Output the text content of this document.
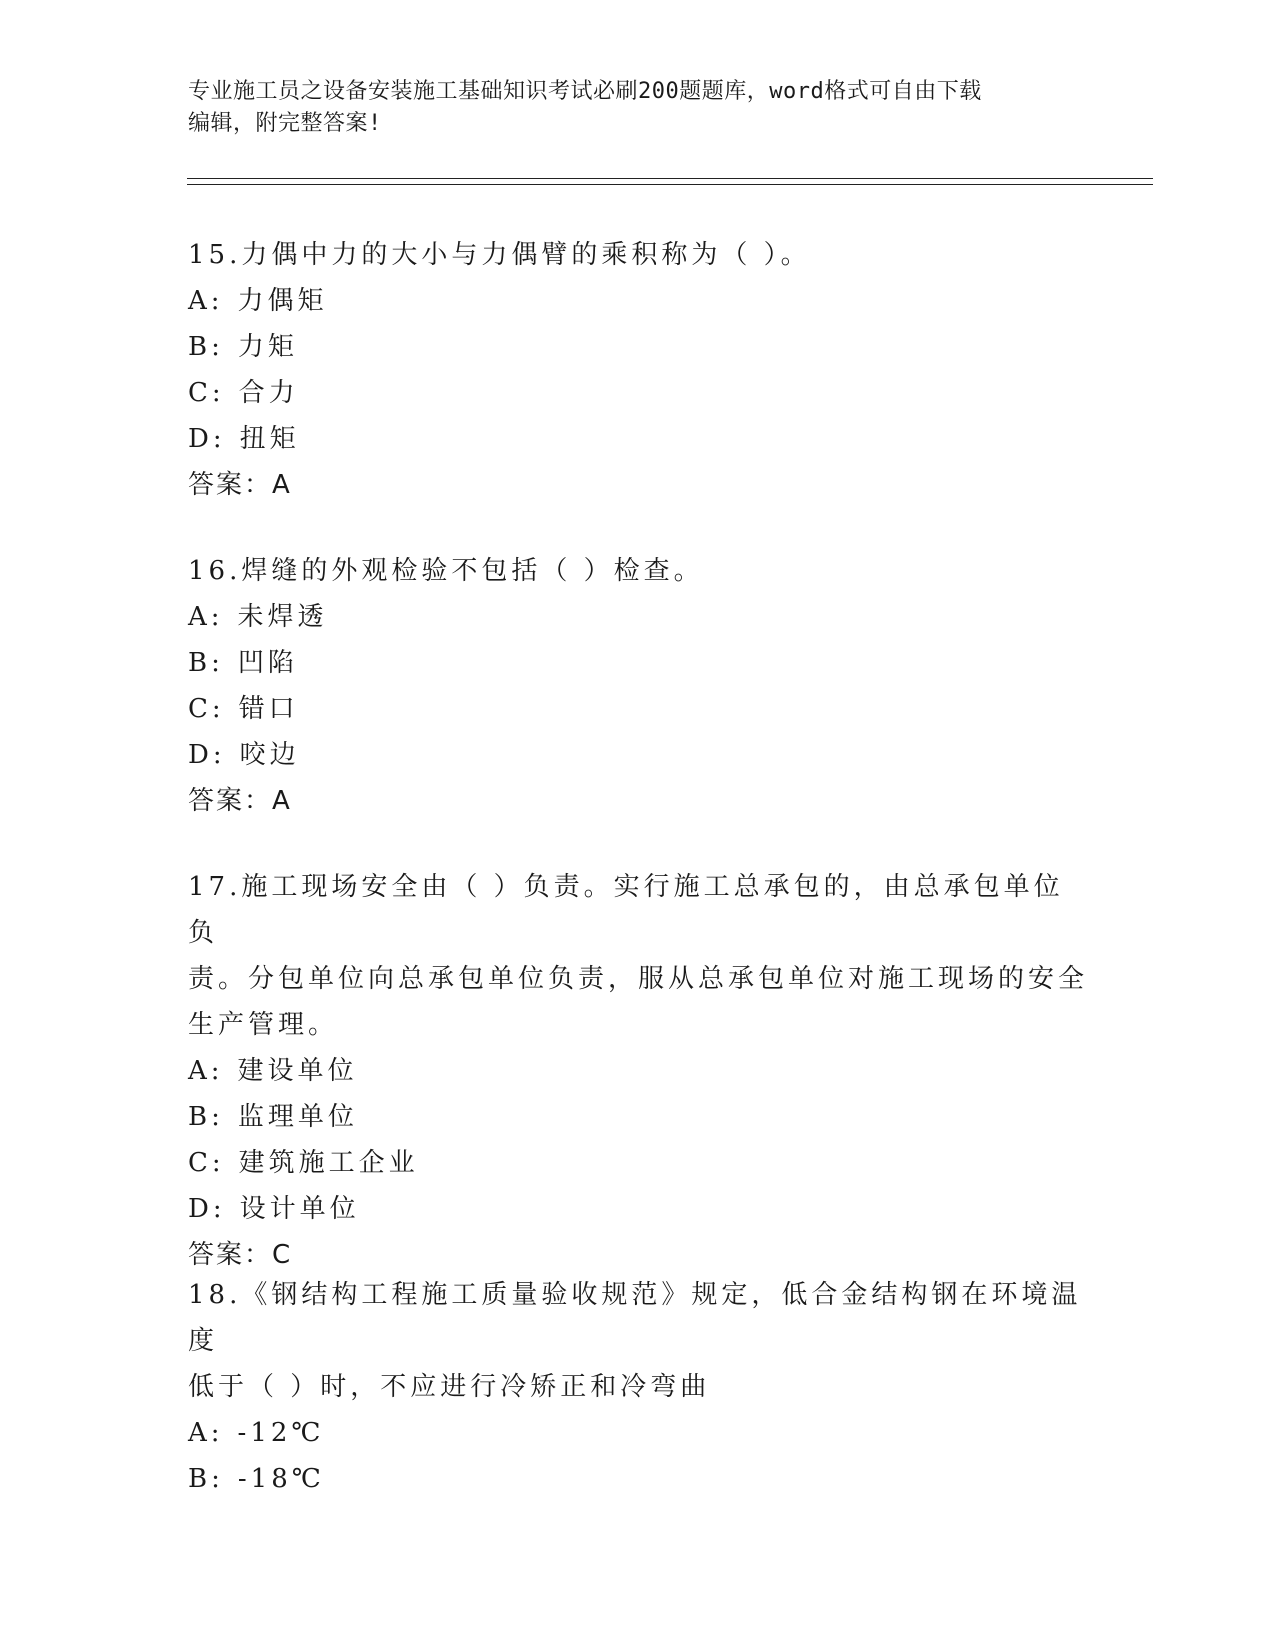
专业施工员之设备安装施工基础知识考试必刷200题题库，word格式可自由下载
编辑，附完整答案!

15.力偶中力的大小与力偶臂的乘积称为（ ）。

A: 力偶矩

B: 力矩

C: 合力

D: 扭矩

答案：A

16.焊缝的外观检验不包括（ ）检查。

A: 未焊透

B: 凹陷

C: 错口

D: 咬边

答案：A

17.施工现场安全由（ ）负责。实行施工总承包的，由总承包单位负

责。分包单位向总承包单位负责，服从总承包单位对施工现场的安全

生产管理。

A: 建设单位

B: 监理单位

C: 建筑施工企业

D: 设计单位

答案：C

18.《钢结构工程施工质量验收规范》规定，低合金结构钢在环境温度

低于（ ）时，不应进行冷矫正和冷弯曲

A: -12℃

B: -18℃
